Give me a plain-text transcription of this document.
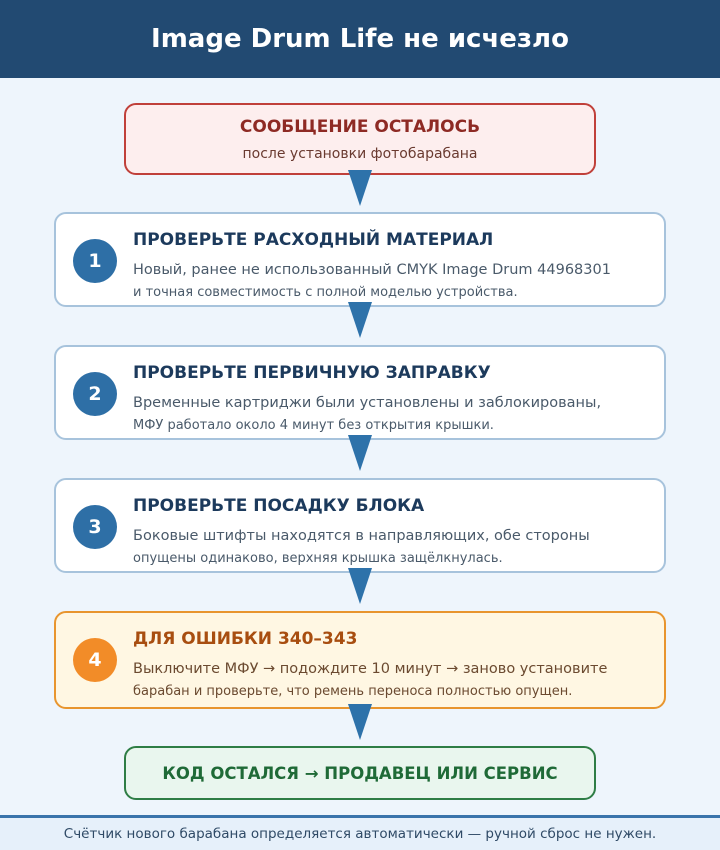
Image Drum Life не исчезло
СООБЩЕНИЕ ОСТАЛОСЬ
после установки фотобарабана
1
ПРОВЕРЬТЕ РАСХОДНЫЙ МАТЕРИАЛ
Новый, ранее не использованный CMYK Image Drum 44968301
и точная совместимость с полной моделью устройства.
2
ПРОВЕРЬТЕ ПЕРВИЧНУЮ ЗАПРАВКУ
Временные картриджи были установлены и заблокированы,
МФУ работало около 4 минут без открытия крышки.
3
ПРОВЕРЬТЕ ПОСАДКУ БЛОКА
Боковые штифты находятся в направляющих, обе стороны
опущены одинаково, верхняя крышка защёлкнулась.
4
ДЛЯ ОШИБКИ 340–343
Выключите МФУ → подождите 10 минут → заново установите
барабан и проверьте, что ремень переноса полностью опущен.
КОД ОСТАЛСЯ → ПРОДАВЕЦ ИЛИ СЕРВИС
Счётчик нового барабана определяется автоматически — ручной сброс не нужен.
